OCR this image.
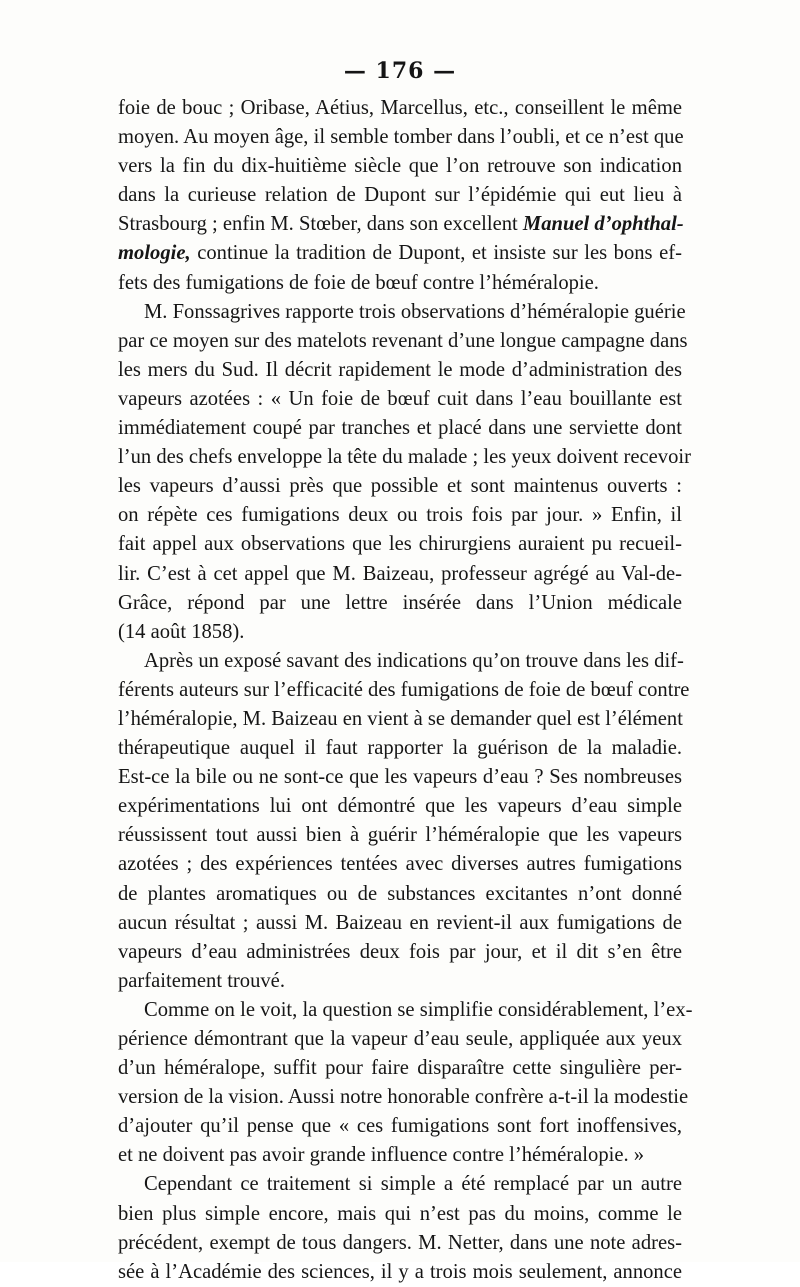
— 176 —
foie de bouc ; Oribase, Aétius, Marcellus, etc., conseillent le même
moyen. Au moyen âge, il semble tomber dans l’oubli, et ce n’est que
vers la fin du dix-huitième siècle que l’on retrouve son indication
dans la curieuse relation de Dupont sur l’épidémie qui eut lieu à
Strasbourg ; enfin M. Stœber, dans son excellent Manuel d’ophthal-
mologie, continue la tradition de Dupont, et insiste sur les bons ef-
fets des fumigations de foie de bœuf contre l’héméralopie.
M. Fonssagrives rapporte trois observations d’héméralopie guérie
par ce moyen sur des matelots revenant d’une longue campagne dans
les mers du Sud. Il décrit rapidement le mode d’administration des
vapeurs azotées : « Un foie de bœuf cuit dans l’eau bouillante est
immédiatement coupé par tranches et placé dans une serviette dont
l’un des chefs enveloppe la tête du malade ; les yeux doivent recevoir
les vapeurs d’aussi près que possible et sont maintenus ouverts :
on répète ces fumigations deux ou trois fois par jour. » Enfin, il
fait appel aux observations que les chirurgiens auraient pu recueil-
lir. C’est à cet appel que M. Baizeau, professeur agrégé au Val-de-
Grâce, répond par une lettre insérée dans l’Union médicale
(14 août 1858).
Après un exposé savant des indications qu’on trouve dans les dif-
férents auteurs sur l’efficacité des fumigations de foie de bœuf contre
l’héméralopie, M. Baizeau en vient à se demander quel est l’élément
thérapeutique auquel il faut rapporter la guérison de la maladie.
Est-ce la bile ou ne sont-ce que les vapeurs d’eau ? Ses nombreuses
expérimentations lui ont démontré que les vapeurs d’eau simple
réussissent tout aussi bien à guérir l’héméralopie que les vapeurs
azotées ; des expériences tentées avec diverses autres fumigations
de plantes aromatiques ou de substances excitantes n’ont donné
aucun résultat ; aussi M. Baizeau en revient-il aux fumigations de
vapeurs d’eau administrées deux fois par jour, et il dit s’en être
parfaitement trouvé.
Comme on le voit, la question se simplifie considérablement, l’ex-
périence démontrant que la vapeur d’eau seule, appliquée aux yeux
d’un héméralope, suffit pour faire disparaître cette singulière per-
version de la vision. Aussi notre honorable confrère a-t-il la modestie
d’ajouter qu’il pense que « ces fumigations sont fort inoffensives,
et ne doivent pas avoir grande influence contre l’héméralopie. »
Cependant ce traitement si simple a été remplacé par un autre
bien plus simple encore, mais qui n’est pas du moins, comme le
précédent, exempt de tous dangers. M. Netter, dans une note adres-
sée à l’Académie des sciences, il y a trois mois seulement, annonce
